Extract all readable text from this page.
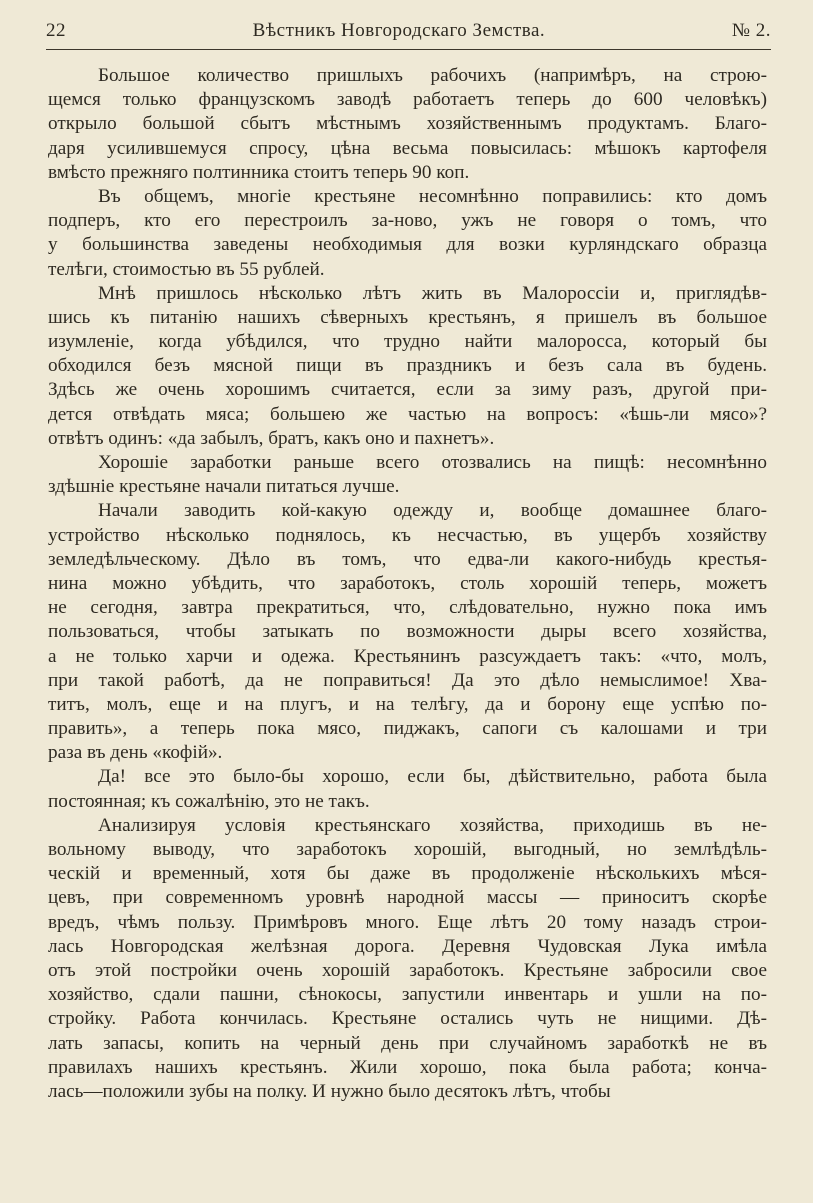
22	Вѣстникъ Новгородскаго Земства.	№ 2.
Большое количество пришлыхъ рабочихъ (напримѣръ, на строю-
щемся только французскомъ заводѣ работаетъ теперь до 600 человѣкъ)
открыло большой сбытъ мѣстнымъ хозяйственнымъ продуктамъ. Благо-
даря усилившемуся спросу, цѣна весьма повысилась: мѣшокъ картофеля
вмѣсто прежняго полтинника стоитъ теперь 90 коп.
Въ общемъ, многіе крестьяне несомнѣнно поправились: кто домъ
подперъ, кто его перестроилъ за-ново, ужъ не говоря о томъ, что
у большинства заведены необходимыя для возки курляндскаго образца
телѣги, стоимостью въ 55 рублей.
Мнѣ пришлось нѣсколько лѣтъ жить въ Малороссіи и, приглядѣв-
шись къ питанію нашихъ сѣверныхъ крестьянъ, я пришелъ въ большое
изумленіе, когда убѣдился, что трудно найти малоросса, который бы
обходился безъ мясной пищи въ праздникъ и безъ сала въ будень.
Здѣсь же очень хорошимъ считается, если за зиму разъ, другой при-
дется отвѣдать мяса; большею же частью на вопросъ: «ѣшь-ли мясо»?
отвѣтъ одинъ: «да забылъ, братъ, какъ оно и пахнетъ».
Хорошіе заработки раньше всего отозвались на пищѣ: несомнѣнно
здѣшніе крестьяне начали питаться лучше.
Начали заводить кой-какую одежду и, вообще домашнее благо-
устройство нѣсколько поднялось, къ несчастью, въ ущербъ хозяйству
земледѣльческому. Дѣло въ томъ, что едва-ли какого-нибудь крестья-
нина можно убѣдить, что заработокъ, столь хорошій теперь, можетъ
не сегодня, завтра прекратиться, что, слѣдовательно, нужно пока имъ
пользоваться, чтобы затыкать по возможности дыры всего хозяйства,
а не только харчи и одежа. Крестьянинъ разсуждаетъ такъ: «что, молъ,
при такой работѣ, да не поправиться! Да это дѣло немыслимое! Хва-
титъ, молъ, еще и на плугъ, и на телѣгу, да и борону еще успѣю по-
править», а теперь пока мясо, пиджакъ, сапоги съ калошами и три
раза въ день «кофій».
Да! все это было-бы хорошо, если бы, дѣйствительно, работа была
постоянная; къ сожалѣнію, это не такъ.
Анализируя условія крестьянскаго хозяйства, приходишь въ не-
вольному выводу, что заработокъ хорошій, выгодный, но землѣдѣль-
ческій и временный, хотя бы даже въ продолженіе нѣсколькихъ мѣся-
цевъ, при современномъ уровнѣ народной массы — приноситъ скорѣе
вредъ, чѣмъ пользу. Примѣровъ много. Еще лѣтъ 20 тому назадъ строи-
лась Новгородская желѣзная дорога. Деревня Чудовская Лука имѣла
отъ этой постройки очень хорошій заработокъ. Крестьяне забросили свое
хозяйство, сдали пашни, сѣнокосы, запустили инвентарь и ушли на по-
стройку. Работа кончилась. Крестьяне остались чуть не нищими. Дѣ-
лать запасы, копить на черный день при случайномъ заработкѣ не въ
правилахъ нашихъ крестьянъ. Жили хорошо, пока была работа; конча-
лась—положили зубы на полку. И нужно было десятокъ лѣтъ, чтобы
